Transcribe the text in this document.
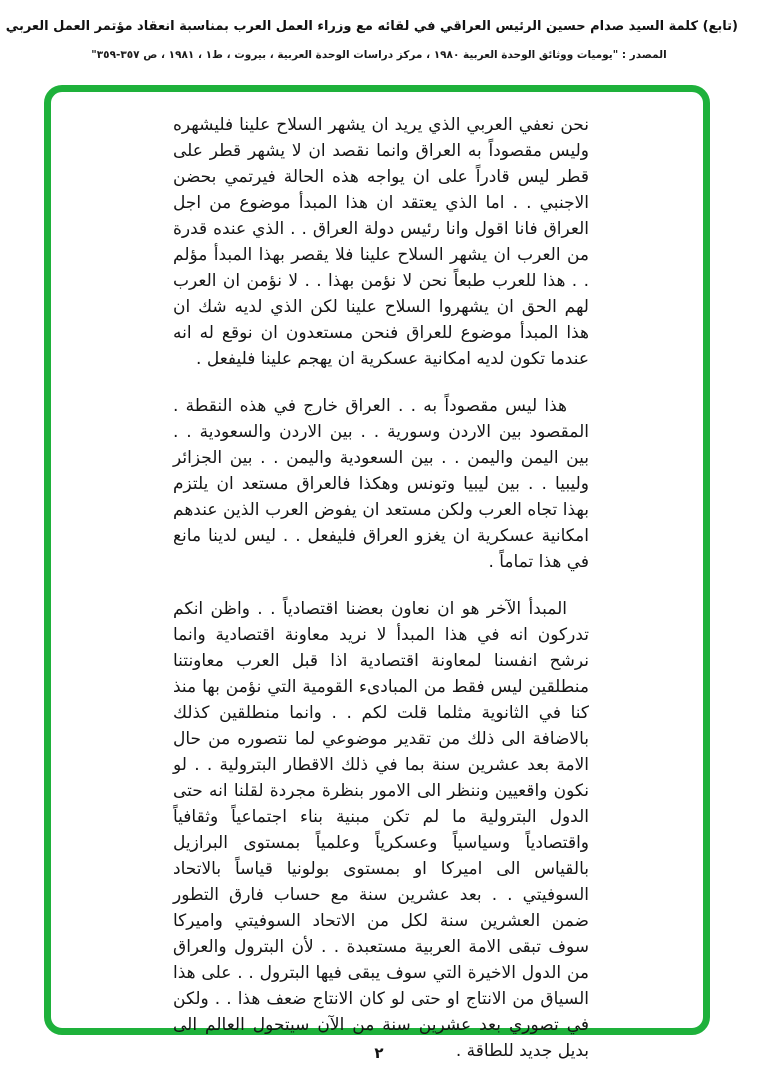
(تابع) كلمة السيد صدام حسين الرئيس العراقي في لقائه مع وزراء العمل العرب بمناسبة انعقاد مؤتمر العمل العربي
المصدر : "يوميات ووثائق الوحدة العربية ١٩٨٠ ، مركز دراسات الوحدة العربية ، بيروت ، ط١ ، ١٩٨١ ، ص ٣٥٧-٣٥٩"

نحن نعفي العربي الذي يريد ان يشهر السلاح علينا فليشهره وليس مقصوداً به العراق وانما نقصد ان لا يشهر قطر على قطر ليس قادراً على ان يواجه هذه الحالة فيرتمي بحضن الاجنبي . . اما الذي يعتقد ان هذا المبدأ موضوع من اجل العراق فانا اقول وانا رئيس دولة العراق . . الذي عنده قدرة من العرب ان يشهر السلاح علينا فلا يقصر بهذا المبدأ مؤلم . . هذا للعرب طبعاً نحن لا نؤمن بهذا . . لا نؤمن ان العرب لهم الحق ان يشهروا السلاح علينا لكن الذي لديه شك ان هذا المبدأ موضوع للعراق فنحن مستعدون ان نوقع له انه عندما تكون لديه امكانية عسكرية ان يهجم علينا فليفعل .

هذا ليس مقصوداً به . . العراق خارج في هذه النقطة . المقصود بين الاردن وسورية . . بين الاردن والسعودية . . بين اليمن واليمن . . بين السعودية واليمن . . بين الجزائر وليبيا . . بين ليبيا وتونس وهكذا فالعراق مستعد ان يلتزم بهذا تجاه العرب ولكن مستعد ان يفوض العرب الذين عندهم امكانية عسكرية ان يغزو العراق فليفعل . . ليس لدينا مانع في هذا تماماً .

المبدأ الآخر هو ان نعاون بعضنا اقتصادياً . . واظن انكم تدركون انه في هذا المبدأ لا نريد معاونة اقتصادية وانما نرشح انفسنا لمعاونة اقتصادية اذا قبل العرب معاونتنا منطلقين ليس فقط من المبادىء القومية التي نؤمن بها منذ كنا في الثانوية مثلما قلت لكم . . وانما منطلقين كذلك بالاضافة الى ذلك من تقدير موضوعي لما نتصوره من حال الامة بعد عشرين سنة بما في ذلك الاقطار البترولية . . لو نكون واقعيين وننظر الى الامور بنظرة مجردة لقلنا انه حتى الدول البترولية ما لم تكن مبنية بناء اجتماعياً وثقافياً واقتصادياً وسياسياً وعسكرياً وعلمياً بمستوى البرازيل بالقياس الى اميركا او بمستوى بولونيا قياساً بالاتحاد السوفيتي . . بعد عشرين سنة مع حساب فارق التطور ضمن العشرين سنة لكل من الاتحاد السوفيتي واميركا سوف تبقى الامة العربية مستعبدة . . لأن البترول والعراق من الدول الاخيرة التي سوف يبقى فيها البترول . . على هذا السياق من الانتاج او حتى لو كان الانتاج ضعف هذا . . ولكن في تصوري بعد عشرين سنة من الآن سيتحول العالم الى بديل جديد للطاقة .

٢
